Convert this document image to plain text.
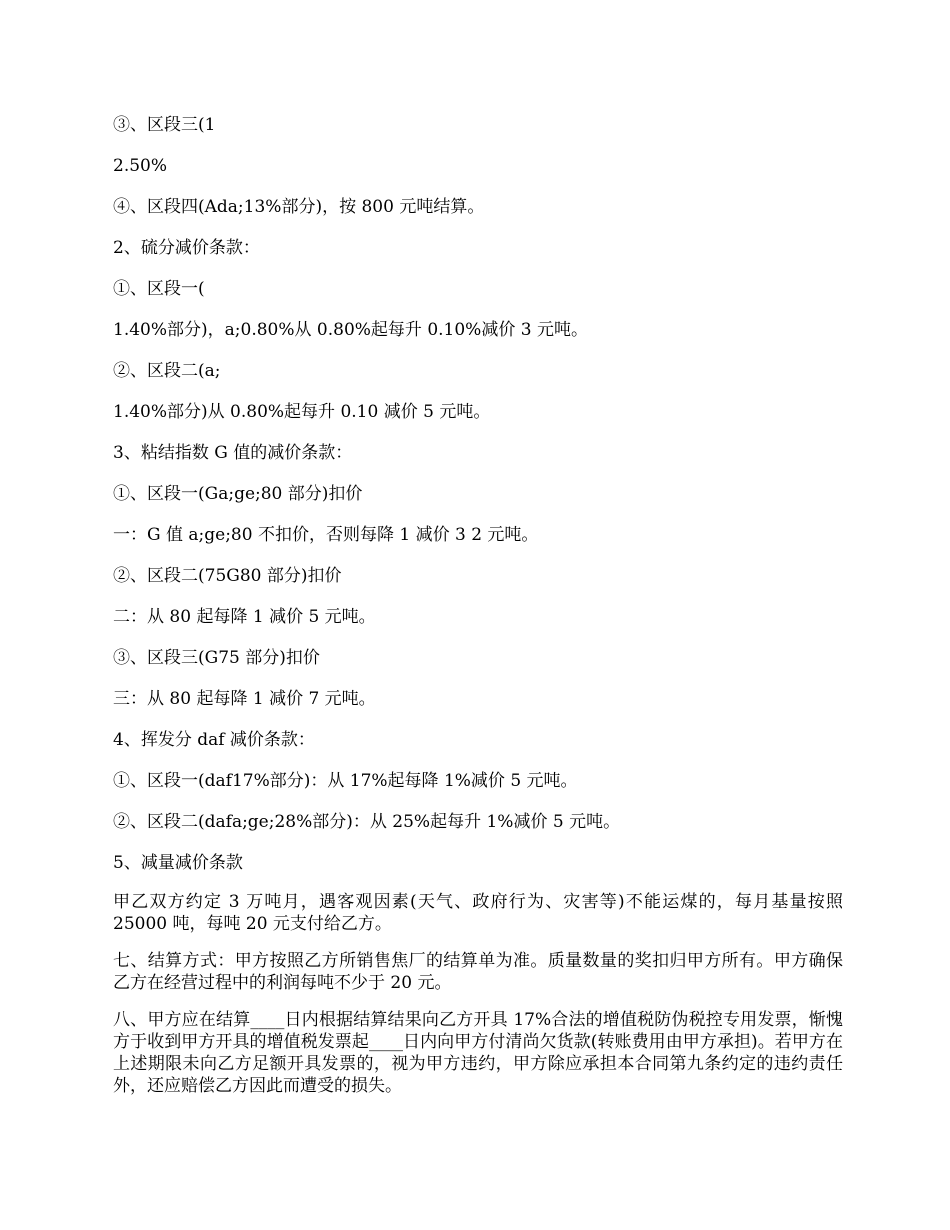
③、区段三(1

2.50%

④、区段四(Ada;13%部分)，按 800 元吨结算。

2、硫分减价条款：

①、区段一(

1.40%部分)，a;0.80%从 0.80%起每升 0.10%减价 3 元吨。

②、区段二(a;

1.40%部分)从 0.80%起每升 0.10 减价 5 元吨。

3、粘结指数 G 值的减价条款：

①、区段一(Ga;ge;80 部分)扣价

一：G 值 a;ge;80 不扣价，否则每降 1 减价 3 2 元吨。

②、区段二(75G80 部分)扣价

二：从 80 起每降 1 减价 5 元吨。

③、区段三(G75 部分)扣价

三：从 80 起每降 1 减价 7 元吨。

4、挥发分 daf 减价条款：

①、区段一(daf17%部分)：从 17%起每降 1%减价 5 元吨。

②、区段二(dafa;ge;28%部分)：从 25%起每升 1%减价 5 元吨。

5、减量减价条款

甲乙双方约定 3 万吨月，遇客观因素(天气、政府行为、灾害等)不能运煤的，每月基量按照 25000 吨，每吨 20 元支付给乙方。

七、结算方式：甲方按照乙方所销售焦厂的结算单为准。质量数量的奖扣归甲方所有。甲方确保乙方在经营过程中的利润每吨不少于 20 元。

八、甲方应在结算____日内根据结算结果向乙方开具 17%合法的增值税防伪税控专用发票，惭愧方于收到甲方开具的增值税发票起____日内向甲方付清尚欠货款(转账费用由甲方承担)。若甲方在上述期限未向乙方足额开具发票的，视为甲方违约，甲方除应承担本合同第九条约定的违约责任外，还应赔偿乙方因此而遭受的损失。
